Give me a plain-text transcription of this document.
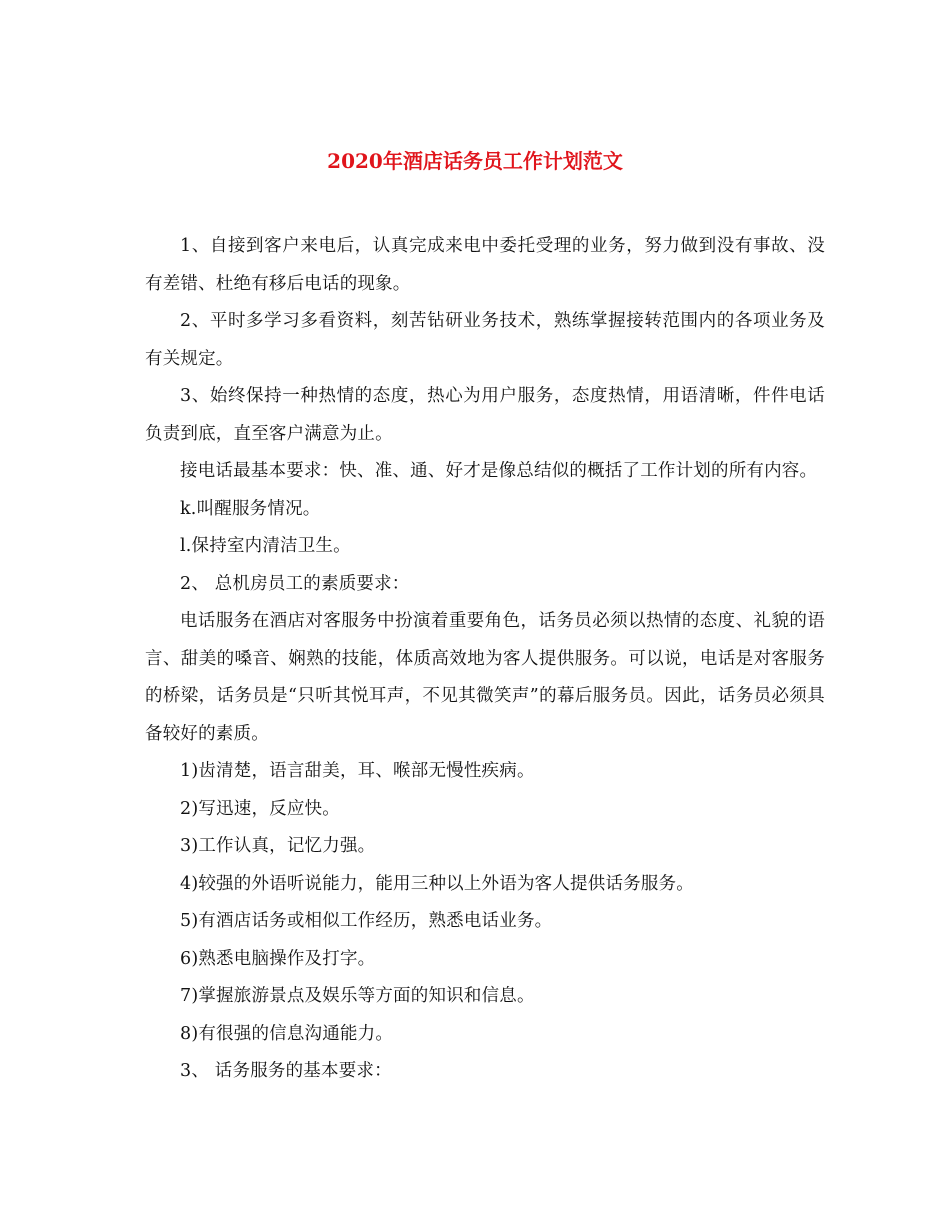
2020年酒店话务员工作计划范文

1、自接到客户来电后，认真完成来电中委托受理的业务，努力做到没有事故、没有差错、杜绝有移后电话的现象。

2、平时多学习多看资料，刻苦钻研业务技术，熟练掌握接转范围内的各项业务及有关规定。

3、始终保持一种热情的态度，热心为用户服务，态度热情，用语清晰，件件电话负责到底，直至客户满意为止。

接电话最基本要求：快、准、通、好才是像总结似的概括了工作计划的所有内容。

k.叫醒服务情况。

l.保持室内清洁卫生。

2、 总机房员工的素质要求：

电话服务在酒店对客服务中扮演着重要角色，话务员必须以热情的态度、礼貌的语言、甜美的嗓音、娴熟的技能，体质高效地为客人提供服务。可以说，电话是对客服务的桥梁，话务员是“只听其悦耳声，不见其微笑声”的幕后服务员。因此，话务员必须具备较好的素质。

1)齿清楚，语言甜美，耳、喉部无慢性疾病。

2)写迅速，反应快。

3)工作认真，记忆力强。

4)较强的外语听说能力，能用三种以上外语为客人提供话务服务。

5)有酒店话务或相似工作经历，熟悉电话业务。

6)熟悉电脑操作及打字。

7)掌握旅游景点及娱乐等方面的知识和信息。

8)有很强的信息沟通能力。

3、 话务服务的基本要求：
